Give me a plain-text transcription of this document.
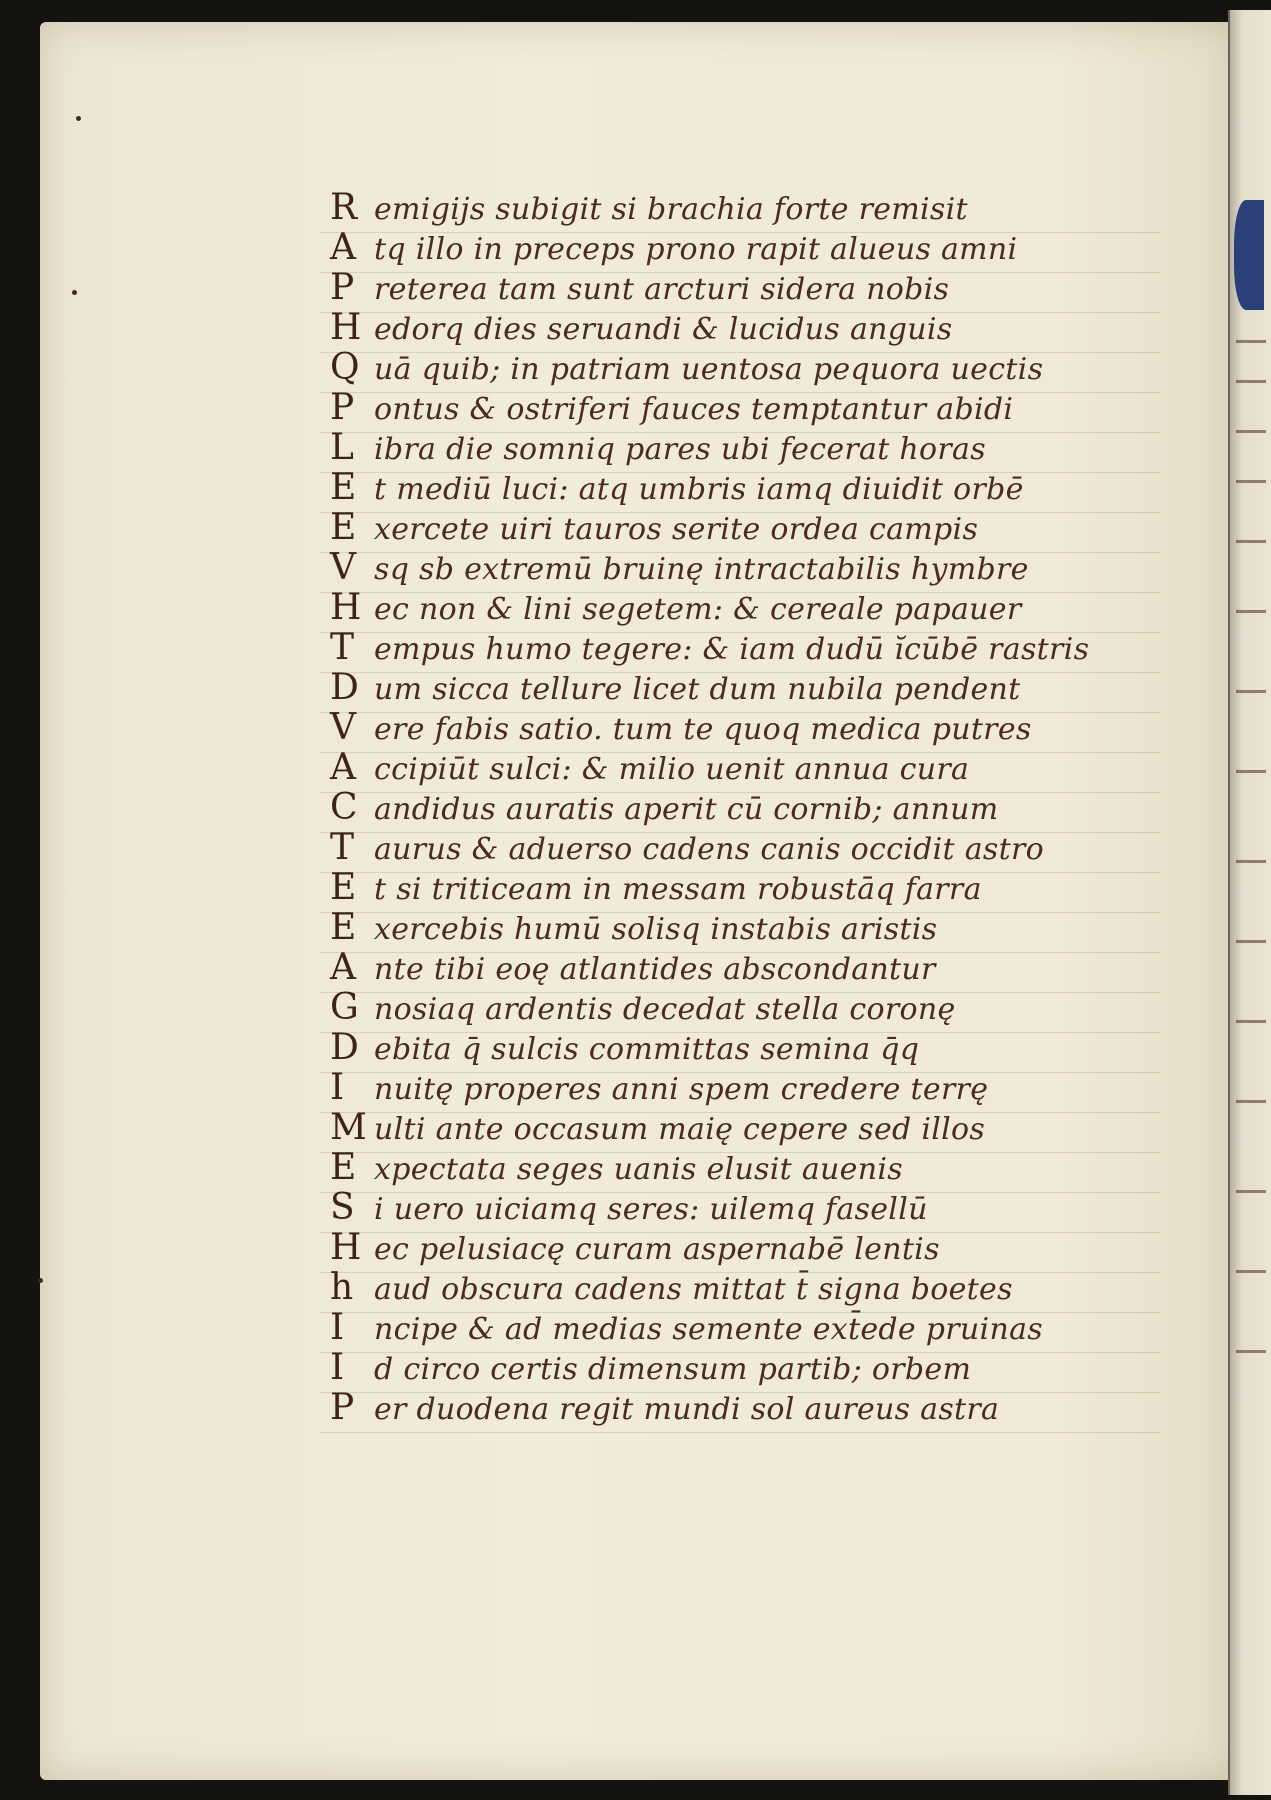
R emigijs subigit si brachia forte remisit
A tq illo in preceps prono rapit alueus amni
P reterea tam sunt arcturi sidera nobis
H edorq dies seruandi & lucidus anguis
Q uā quib; in patriam uentosa pequora uectis
P ontus & ostriferi fauces temptantur abidi
L ibra die somniq pares ubi fecerat horas
E t mediū luci: atq umbris iamq diuidit orbē
E xercete uiri tauros serite ordea campis
V sq sb extremū bruinę intractabilis hymbre
H ec non & lini segetem: & cereale papauer
T empus humo tegere: & iam dudū ĭcūbē rastris
D um sicca tellure licet dum nubila pendent
V ere fabis satio. tum te quoq medica putres
A ccipiūt sulci: & milio uenit annua cura
C andidus auratis aperit cū cornib; annum
T aurus & aduerso cadens canis occidit astro
E t si triticeam in messam robustāq farra
E xercebis humū solisq instabis aristis
A nte tibi eoę atlantides abscondantur
G nosiaq ardentis decedat stella coronę
D ebita q̄ sulcis committas semina q̄q
I nuitę properes anni spem credere terrę
M ulti ante occasum maię cepere sed illos
E xpectata seges uanis elusit auenis
S i uero uiciamq seres: uilemq fasellū
H ec pelusiacę curam aspernabē lentis
h aud obscura cadens mittat t̄ signa boetes
I ncipe & ad medias semente ext̄ede pruinas
I d circo certis dimensum partib; orbem
P er duodena regit mundi sol aureus astra
